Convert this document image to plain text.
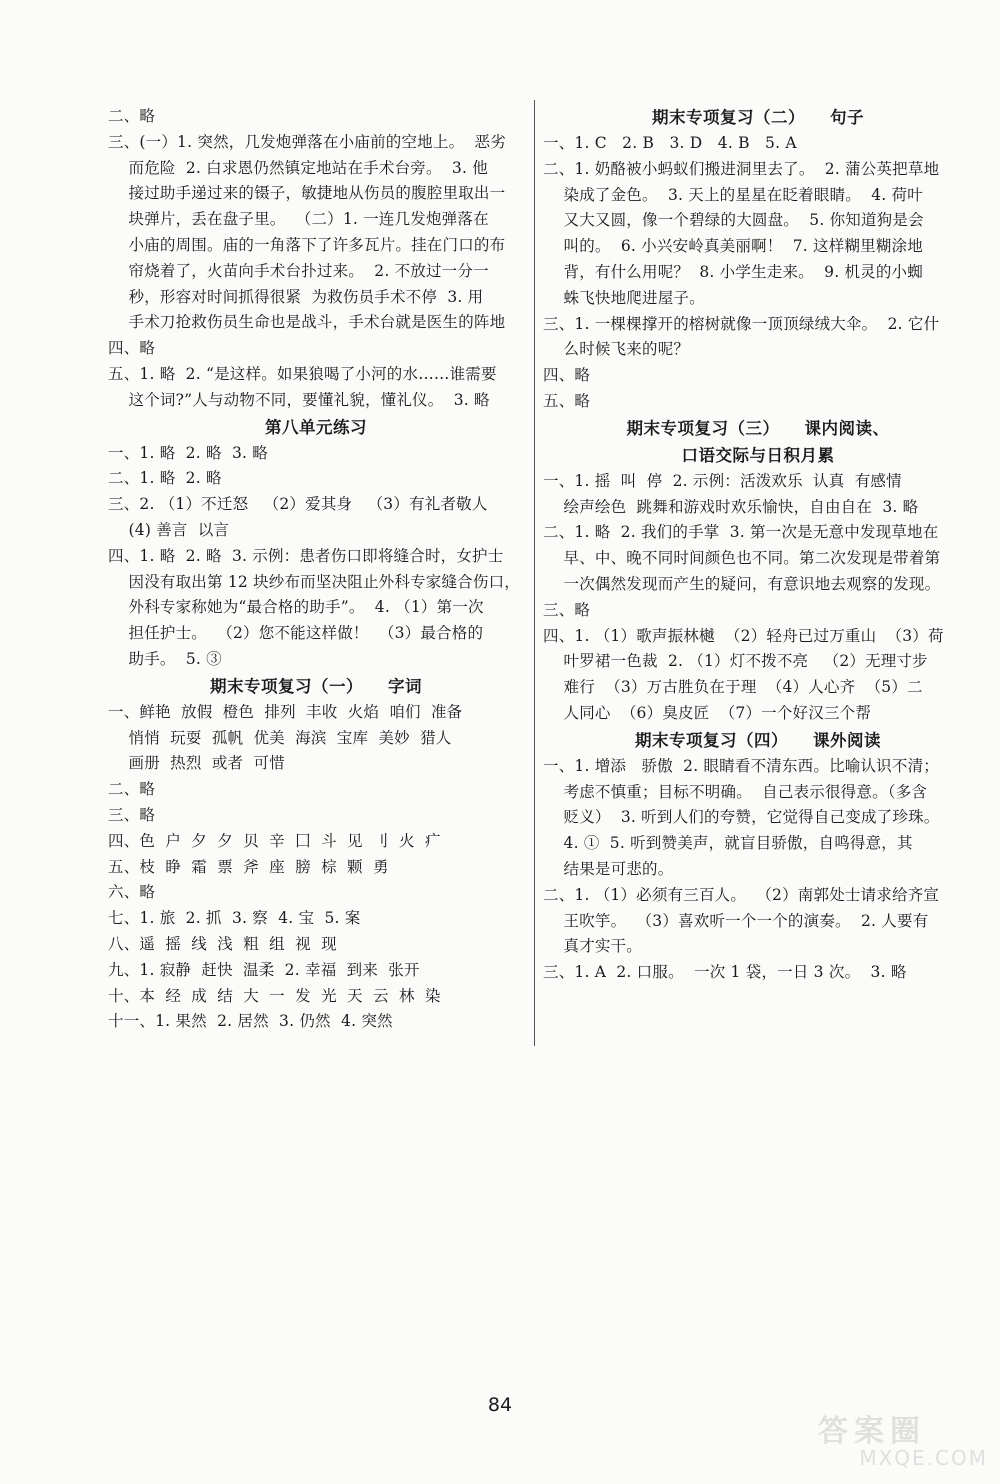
二、略
三、(一）1. 突然，几发炮弹落在小庙前的空地上。  恶劣
而危险  2. 白求恩仍然镇定地站在手术台旁。  3. 他
接过助手递过来的镊子，敏捷地从伤员的腹腔里取出一
块弹片，丢在盘子里。  （二）1. 一连几发炮弹落在
小庙的周围。庙的一角落下了许多瓦片。挂在门口的布
帘烧着了，火苗向手术台扑过来。  2. 不放过一分一
秒，形容对时间抓得很紧  为救伤员手术不停  3. 用
手术刀抢救伤员生命也是战斗，手术台就是医生的阵地
四、略
五、1. 略  2. “是这样。如果狼喝了小河的水……谁需要
这个词?”人与动物不同，要懂礼貌，懂礼仪。  3. 略
第八单元练习
一、1. 略  2. 略  3. 略
二、1. 略  2. 略
三、2. （1）不迁怒   （2）爱其身   （3）有礼者敬人
(4) 善言  以言
四、1. 略  2. 略  3. 示例：患者伤口即将缝合时，女护士
因没有取出第 12 块纱布而坚决阻止外科专家缝合伤口，
外科专家称她为“最合格的助手”。  4. （1）第一次
担任护士。  （2）您不能这样做！  （3）最合格的
助手。  5. ③
期末专项复习（一）    字词
一、鲜艳  放假  橙色  排列  丰收  火焰  咱们  准备
悄悄  玩耍  孤帆  优美  海滨  宝库  美妙  猎人
画册  热烈  或者  可惜
二、略
三、略
四、色  户  夕  夕  贝  辛  囗  斗  见  刂  火  疒
五、枝  睁  霜  票  斧  座  膀  棕  颗  勇
六、略
七、1. 旅  2. 抓  3. 察  4. 宝  5. 案
八、遥  摇  线  浅  粗  组  视  现
九、1. 寂静  赶快  温柔  2. 幸福  到来  张开
十、本  经  成  结  大  一  发  光  天  云  林  染
十一、1. 果然  2. 居然  3. 仍然  4. 突然
期末专项复习（二）    句子
一、1. C   2. B   3. D   4. B   5. A
二、1. 奶酪被小蚂蚁们搬进洞里去了。  2. 蒲公英把草地
染成了金色。  3. 天上的星星在眨着眼睛。  4. 荷叶
又大又圆，像一个碧绿的大圆盘。  5. 你知道狗是会
叫的。  6. 小兴安岭真美丽啊！  7. 这样糊里糊涂地
背，有什么用呢？  8. 小学生走来。  9. 机灵的小蜘
蛛飞快地爬进屋子。
三、1. 一棵棵撑开的榕树就像一顶顶绿绒大伞。  2. 它什
么时候飞来的呢？
四、略
五、略
期末专项复习（三）    课内阅读、
口语交际与日积月累
一、1. 摇  叫  停  2. 示例：活泼欢乐  认真  有感情
绘声绘色  跳舞和游戏时欢乐愉快，自由自在  3. 略
二、1. 略  2. 我们的手掌  3. 第一次是无意中发现草地在
早、中、晚不同时间颜色也不同。第二次发现是带着第
一次偶然发现而产生的疑问，有意识地去观察的发现。
三、略
四、1. （1）歌声振林樾  （2）轻舟已过万重山  （3）荷
叶罗裙一色裁  2. （1）灯不拨不亮   （2）无理寸步
难行  （3）万古胜负在于理  （4）人心齐  （5）二
人同心  （6）臭皮匠  （7）一个好汉三个帮
期末专项复习（四）    课外阅读
一、1. 增添   骄傲  2. 眼睛看不清东西。比喻认识不清；
考虑不慎重；目标不明确。  自己表示很得意。（多含
贬义）  3. 听到人们的夸赞，它觉得自己变成了珍珠。
4. ①  5. 听到赞美声，就盲目骄傲，自鸣得意，其
结果是可悲的。
二、1. （1）必须有三百人。  （2）南郭处士请求给齐宣
王吹竽。  （3）喜欢听一个一个的演奏。  2. 人要有
真才实干。
三、1. A  2. 口服。  一次 1 袋，一日 3 次。  3. 略
84
答案圈
MXQE.COM
